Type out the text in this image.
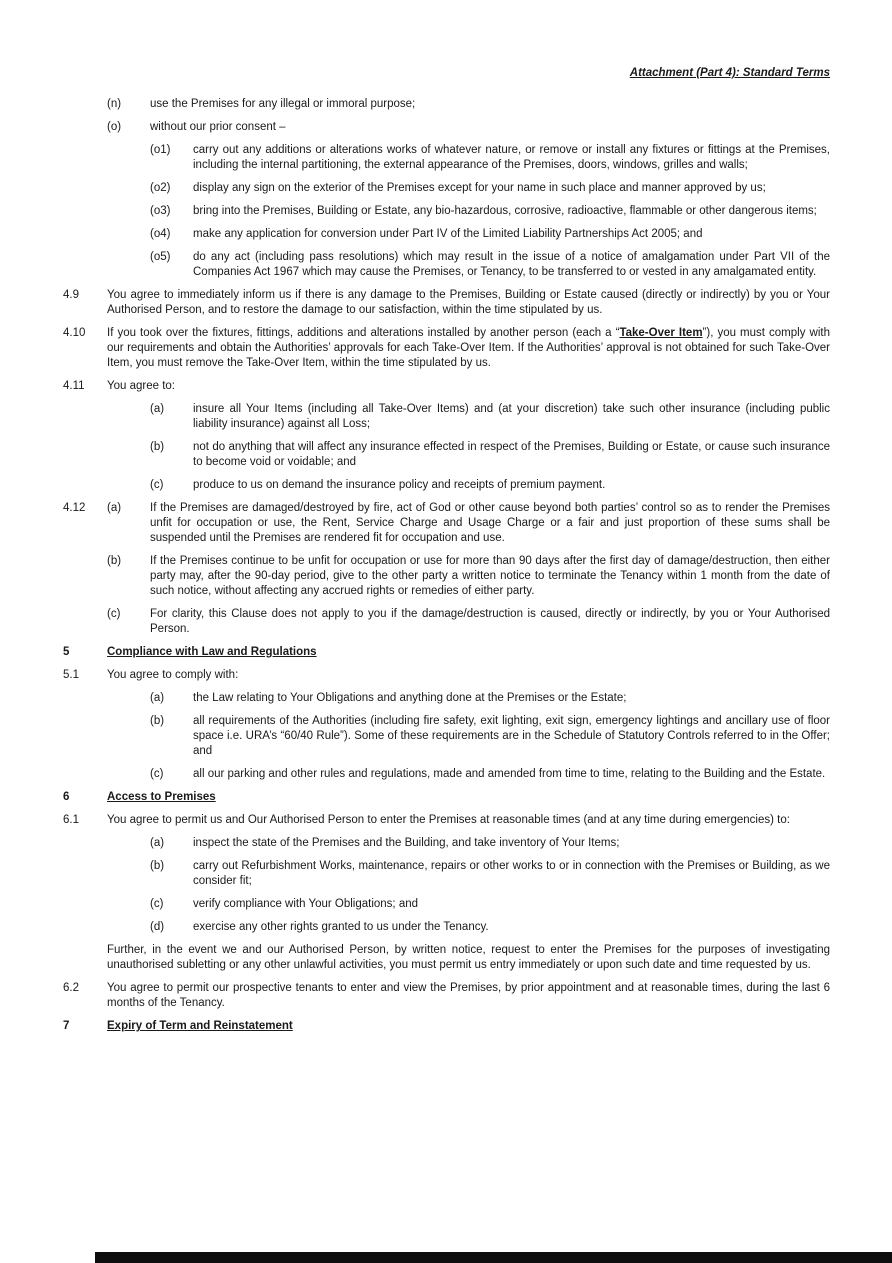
Attachment (Part 4): Standard Terms
(n)	use the Premises for any illegal or immoral purpose;
(o)	without our prior consent –
(o1)	carry out any additions or alterations works of whatever nature, or remove or install any fixtures or fittings at the Premises, including the internal partitioning, the external appearance of the Premises, doors, windows, grilles and walls;
(o2)	display any sign on the exterior of the Premises except for your name in such place and manner approved by us;
(o3)	bring into the Premises, Building or Estate, any bio-hazardous, corrosive, radioactive, flammable or other dangerous items;
(o4)	make any application for conversion under Part IV of the Limited Liability Partnerships Act 2005; and
(o5)	do any act (including pass resolutions) which may result in the issue of a notice of amalgamation under Part VII of the Companies Act 1967 which may cause the Premises, or Tenancy, to be transferred to or vested in any amalgamated entity.
4.9	You agree to immediately inform us if there is any damage to the Premises, Building or Estate caused (directly or indirectly) by you or Your Authorised Person, and to restore the damage to our satisfaction, within the time stipulated by us.
4.10	If you took over the fixtures, fittings, additions and alterations installed by another person (each a “Take-Over Item”), you must comply with our requirements and obtain the Authorities’ approvals for each Take-Over Item. If the Authorities’ approval is not obtained for such Take-Over Item, you must remove the Take-Over Item, within the time stipulated by us.
4.11	You agree to:
(a)	insure all Your Items (including all Take-Over Items) and (at your discretion) take such other insurance (including public liability insurance) against all Loss;
(b)	not do anything that will affect any insurance effected in respect of the Premises, Building or Estate, or cause such insurance to become void or voidable; and
(c)	produce to us on demand the insurance policy and receipts of premium payment.
4.12	(a)	If the Premises are damaged/destroyed by fire, act of God or other cause beyond both parties’ control so as to render the Premises unfit for occupation or use, the Rent, Service Charge and Usage Charge or a fair and just proportion of these sums shall be suspended until the Premises are rendered fit for occupation and use.
(b)	If the Premises continue to be unfit for occupation or use for more than 90 days after the first day of damage/destruction, then either party may, after the 90-day period, give to the other party a written notice to terminate the Tenancy within 1 month from the date of such notice, without affecting any accrued rights or remedies of either party.
(c)	For clarity, this Clause does not apply to you if the damage/destruction is caused, directly or indirectly, by you or Your Authorised Person.
5	Compliance with Law and Regulations
5.1	You agree to comply with:
(a)	the Law relating to Your Obligations and anything done at the Premises or the Estate;
(b)	all requirements of the Authorities (including fire safety, exit lighting, exit sign, emergency lightings and ancillary use of floor space i.e. URA’s “60/40 Rule”). Some of these requirements are in the Schedule of Statutory Controls referred to in the Offer; and
(c)	all our parking and other rules and regulations, made and amended from time to time, relating to the Building and the Estate.
6	Access to Premises
6.1	You agree to permit us and Our Authorised Person to enter the Premises at reasonable times (and at any time during emergencies) to:
(a)	inspect the state of the Premises and the Building, and take inventory of Your Items;
(b)	carry out Refurbishment Works, maintenance, repairs or other works to or in connection with the Premises or Building, as we consider fit;
(c)	verify compliance with Your Obligations; and
(d)	exercise any other rights granted to us under the Tenancy.
Further, in the event we and our Authorised Person, by written notice, request to enter the Premises for the purposes of investigating unauthorised subletting or any other unlawful activities, you must permit us entry immediately or upon such date and time requested by us.
6.2	You agree to permit our prospective tenants to enter and view the Premises, by prior appointment and at reasonable times, during the last 6 months of the Tenancy.
7	Expiry of Term and Reinstatement
